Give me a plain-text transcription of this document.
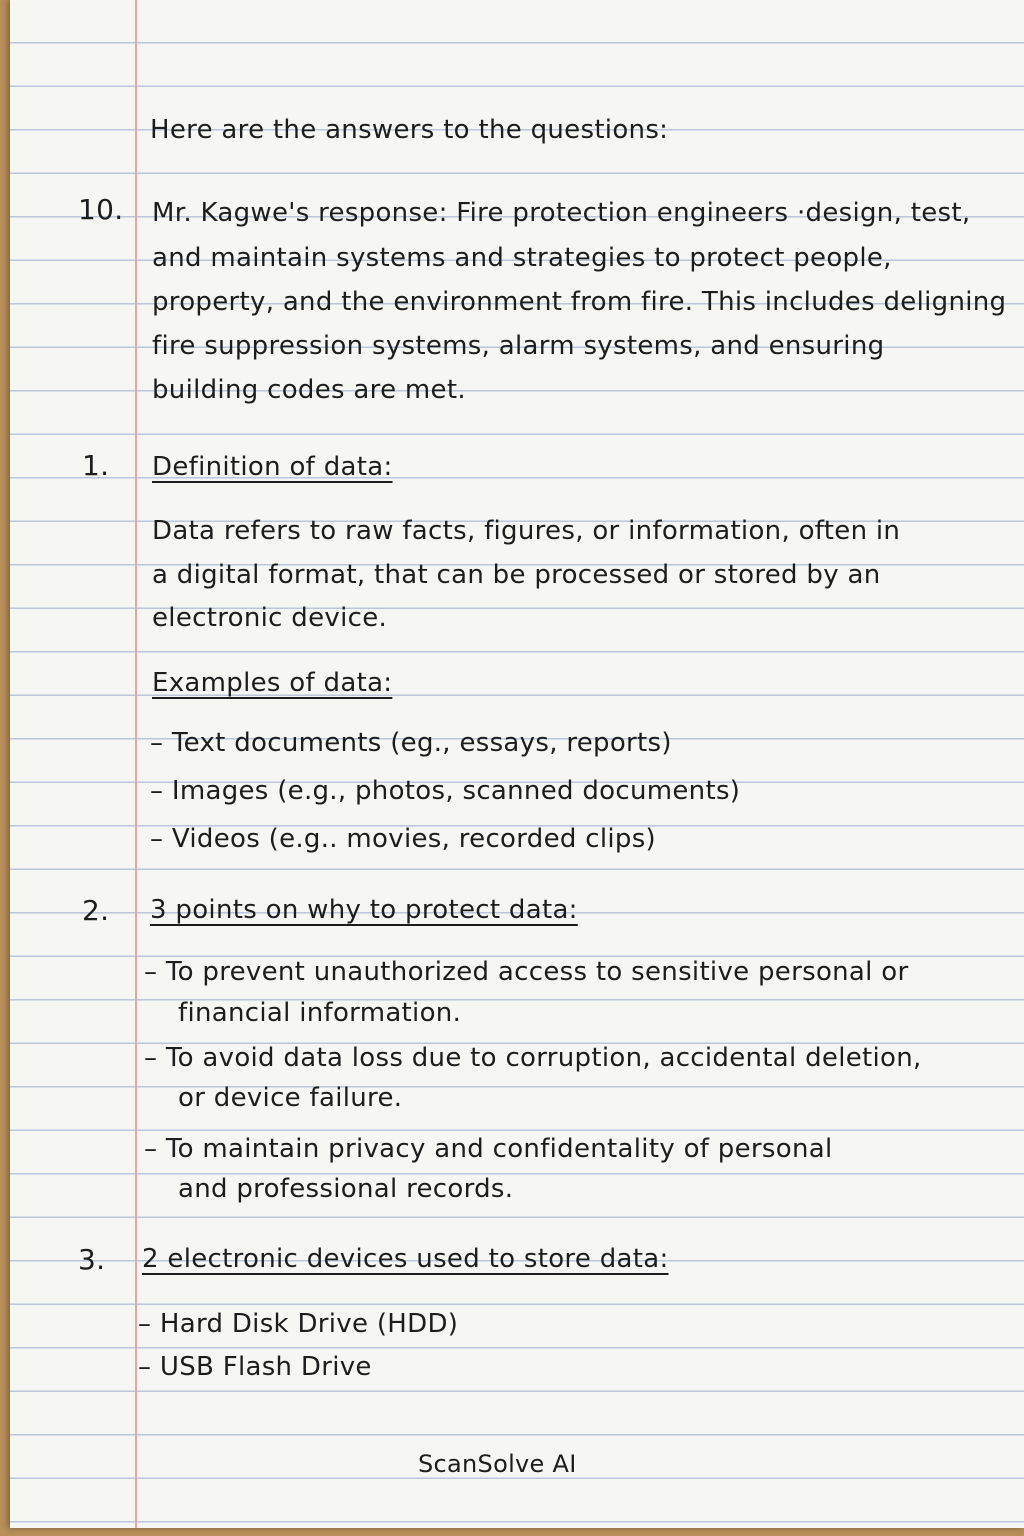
Here are the answers to the questions:
10. Mr. Kagwe's response: Fire protection engineers ·design, test,
and maintain systems and strategies to protect people,
property, and the environment from fire. This includes deligning
fire suppression systems, alarm systems, and ensuring
building codes are met.
1. Definition of data:
Data refers to raw facts, figures, or information, often in
a digital format, that can be processed or stored by an
electronic device.
Examples of data:
– Text documents (eg., essays, reports)
– Images (e.g., photos, scanned documents)
– Videos (e.g.. movies, recorded clips)
2. 3 points on why to protect data:
– To prevent unauthorized access to sensitive personal or
financial information.
– To avoid data loss due to corruption, accidental deletion,
or device failure.
– To maintain privacy and confidentality of personal
and professional records.
3. 2 electronic devices used to store data:
– Hard Disk Drive (HDD)
– USB Flash Drive
ScanSolve AI
